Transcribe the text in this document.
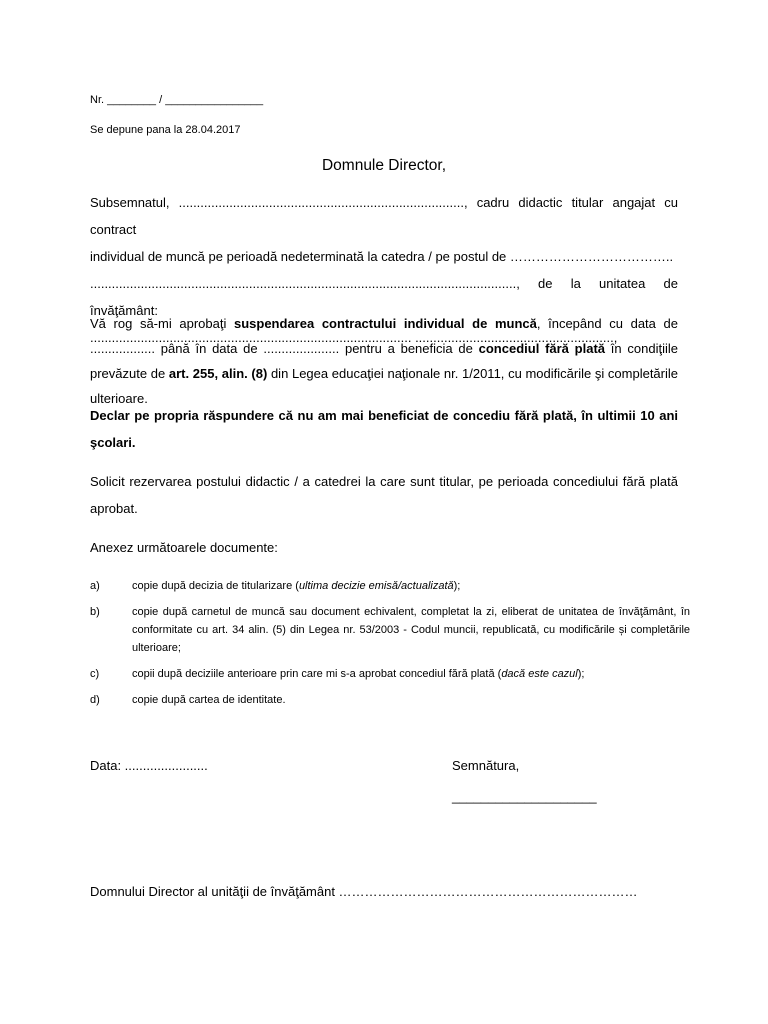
Nr. ________ / ________________
Se depune pana la 28.04.2017
Domnule Director,
Subsemnatul, ..............................................................................., cadru didactic titular angajat cu contract
individual de muncă pe perioadă nedeterminată la catedra / pe postul de ………………………………..
......................................................................................................................, de la unitatea de învăţământ:
......................................................................................... .......................................................,
Vă rog să-mi aprobaţi suspendarea contractului individual de muncă, începând cu data de .................. până în data de ..................... pentru a beneficia de concediul fără plată în condiţiile prevăzute de art. 255, alin. (8) din Legea educaţiei naţionale nr. 1/2011, cu modificările şi completările ulterioare.
Declar pe propria răspundere că nu am mai beneficiat de concediu fără plată, în ultimii 10 ani şcolari.
Solicit rezervarea postului didactic / a catedrei la care sunt titular, pe perioada concediului fără plată aprobat.
Anexez următoarele documente:
a)	copie după decizia de titularizare (ultima decizie emisă/actualizată);
b)	copie după carnetul de muncă sau document echivalent, completat la zi, eliberat de unitatea de învăţământ, în conformitate cu art. 34 alin. (5) din Legea nr. 53/2003 - Codul muncii, republicată, cu modificările și completările ulterioare;
c)	copii după deciziile anterioare prin care mi s-a aprobat concediul fără plată (dacă este cazul);
d)	copie după cartea de identitate.
Data: .......................	Semnătura,
____________________
Domnului Director al unităţii de învăţământ ……………………………………………………………
